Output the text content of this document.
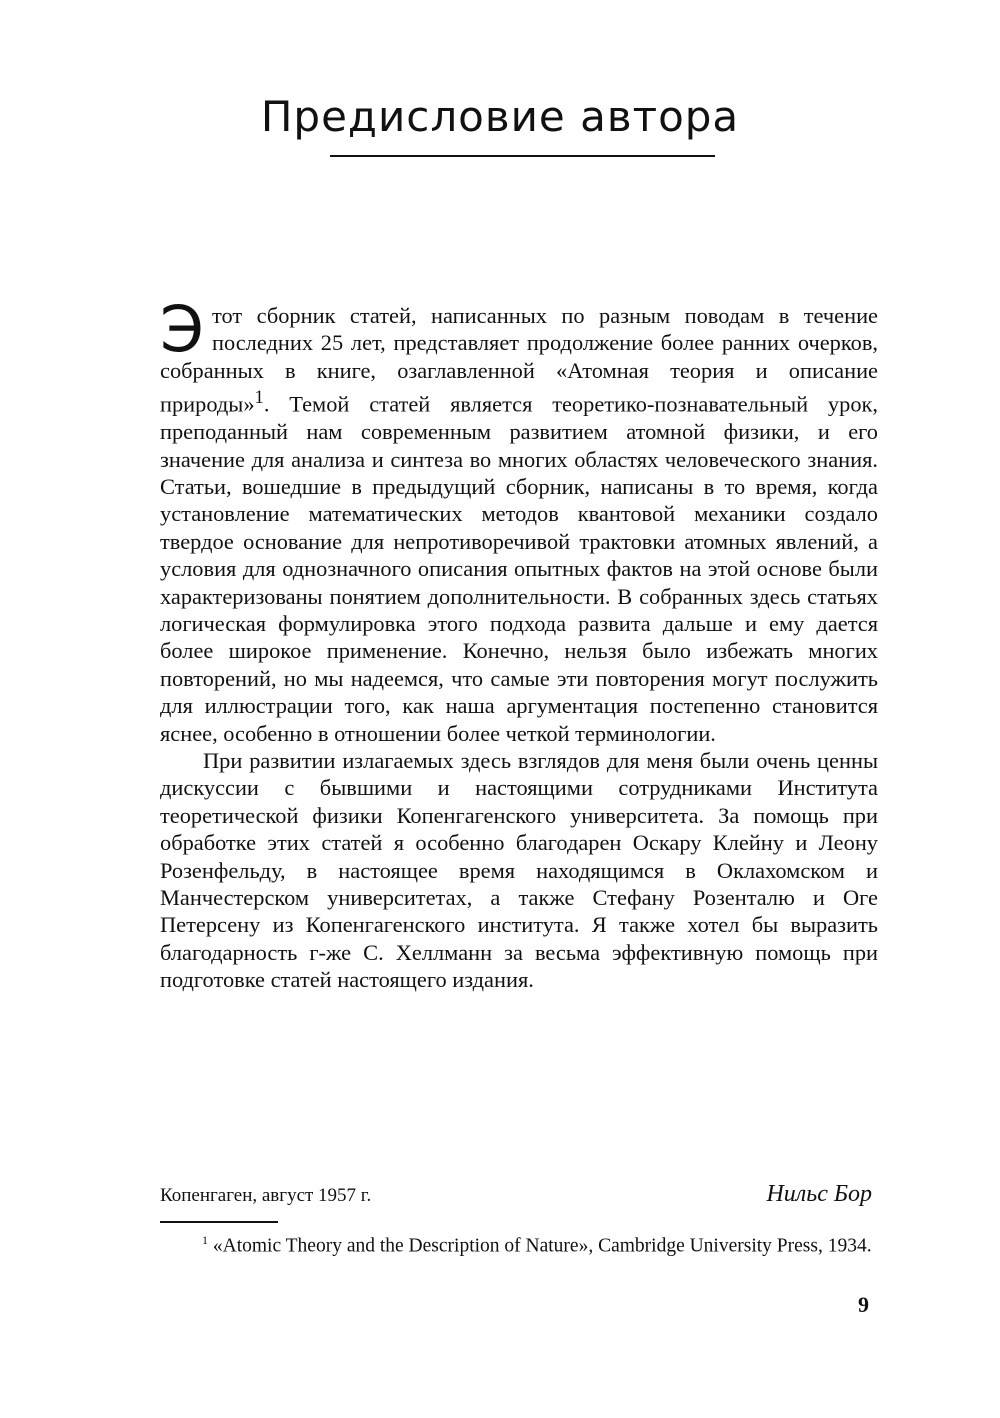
Предисловие автора

Этот сборник статей, написанных по разным поводам в течение последних 25 лет, представляет продолжение более ранних очерков, собранных в книге, озаглавленной «Атомная теория и описание природы»$^1$. Темой статей является теоретико-познавательный урок, преподанный нам современным развитием атомной физики, и его значение для анализа и синтеза во многих областях человеческого знания. Статьи, вошедшие в предыдущий сборник, написаны в то время, когда установление математических методов квантовой механики создало твердое основание для непротиворечивой трактовки атомных явлений, а условия для однозначного описания опытных фактов на этой основе были характеризованы понятием дополнительности. В собранных здесь статьях логическая формулировка этого подхода развита дальше и ему дается более широкое применение. Конечно, нельзя было избежать многих повторений, но мы надеемся, что самые эти повторения могут послужить для иллюстрации того, как наша аргументация постепенно становится яснее, особенно в отношении более четкой терминологии.

При развитии излагаемых здесь взглядов для меня были очень ценны дискуссии с бывшими и настоящими сотрудниками Института теоретической физики Копенгагенского университета. За помощь при обработке этих статей я особенно благодарен Оскару Клейну и Леону Розенфельду, в настоящее время находящимся в Оклахомском и Манчестерском университетах, а также Стефану Розенталю и Оге Петерсену из Копенгагенского института. Я также хотел бы выразить благодарность г-же С. Хеллманн за весьма эффективную помощь при подготовке статей настоящего издания.

Копенгаген, август 1957 г.	Нильс Бор
$^1$ «Atomic Theory and the Description of Nature», Cambridge University Press, 1934.
9
